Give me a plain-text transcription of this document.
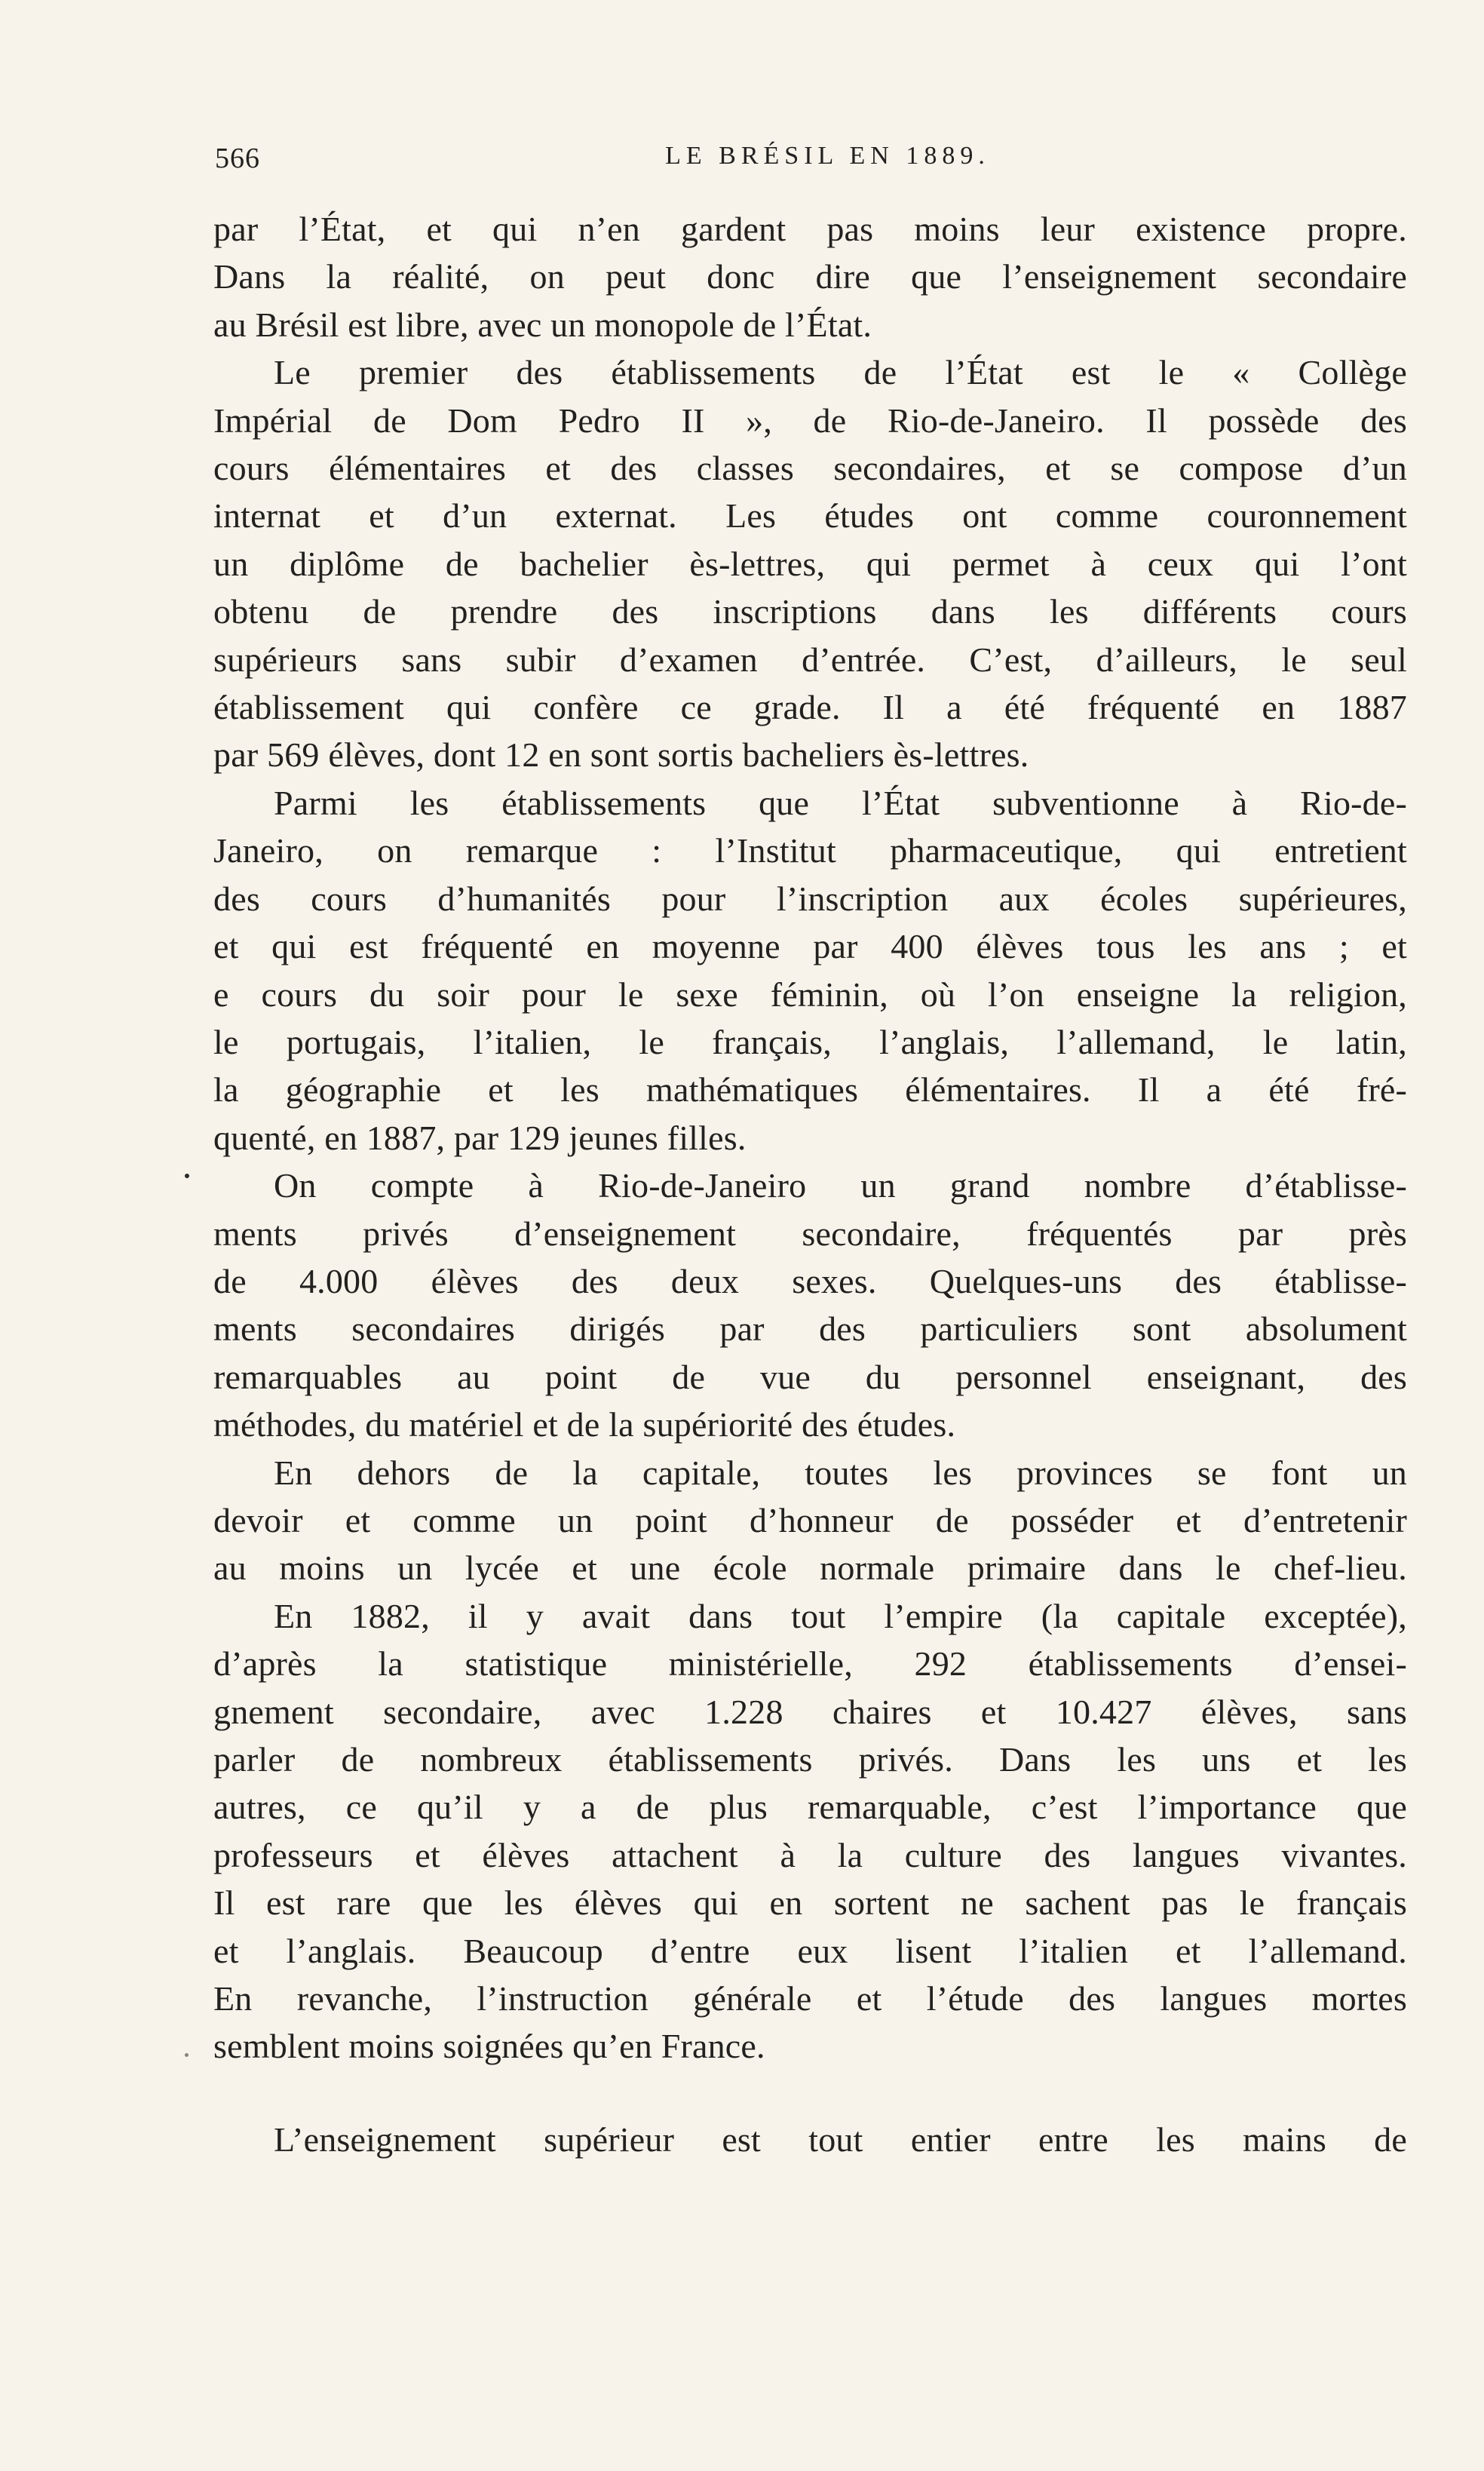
566	LE BRÉSIL EN 1889.
par l’État, et qui n’en gardent pas moins leur existence propre.
Dans la réalité, on peut donc dire que l’enseignement secondaire
au Brésil est libre, avec un monopole de l’État.
Le premier des établissements de l’État est le « Collège
Impérial de Dom Pedro II », de Rio-de-Janeiro. Il possède des
cours élémentaires et des classes secondaires, et se compose d’un
internat et d’un externat. Les études ont comme couronnement
un diplôme de bachelier ès-lettres, qui permet à ceux qui l’ont
obtenu de prendre des inscriptions dans les différents cours
supérieurs sans subir d’examen d’entrée. C’est, d’ailleurs, le seul
établissement qui confère ce grade. Il a été fréquenté en 1887
par 569 élèves, dont 12 en sont sortis bacheliers ès-lettres.
Parmi les établissements que l’État subventionne à Rio-de-
Janeiro, on remarque : l’Institut pharmaceutique, qui entretient
des cours d’humanités pour l’inscription aux écoles supérieures,
et qui est fréquenté en moyenne par 400 élèves tous les ans ; et
e cours du soir pour le sexe féminin, où l’on enseigne la religion,
le portugais, l’italien, le français, l’anglais, l’allemand, le latin,
la géographie et les mathématiques élémentaires. Il a été fré-
quenté, en 1887, par 129 jeunes filles.
On compte à Rio-de-Janeiro un grand nombre d’établisse-
ments privés d’enseignement secondaire, fréquentés par près
de 4.000 élèves des deux sexes. Quelques-uns des établisse-
ments secondaires dirigés par des particuliers sont absolument
remarquables au point de vue du personnel enseignant, des
méthodes, du matériel et de la supériorité des études.
En dehors de la capitale, toutes les provinces se font un
devoir et comme un point d’honneur de posséder et d’entretenir
au moins un lycée et une école normale primaire dans le chef-lieu.
En 1882, il y avait dans tout l’empire (la capitale exceptée),
d’après la statistique ministérielle, 292 établissements d’ensei-
gnement secondaire, avec 1.228 chaires et 10.427 élèves, sans
parler de nombreux établissements privés. Dans les uns et les
autres, ce qu’il y a de plus remarquable, c’est l’importance que
professeurs et élèves attachent à la culture des langues vivantes.
Il est rare que les élèves qui en sortent ne sachent pas le français
et l’anglais. Beaucoup d’entre eux lisent l’italien et l’allemand.
En revanche, l’instruction générale et l’étude des langues mortes
semblent moins soignées qu’en France.
L’enseignement supérieur est tout entier entre les mains de
